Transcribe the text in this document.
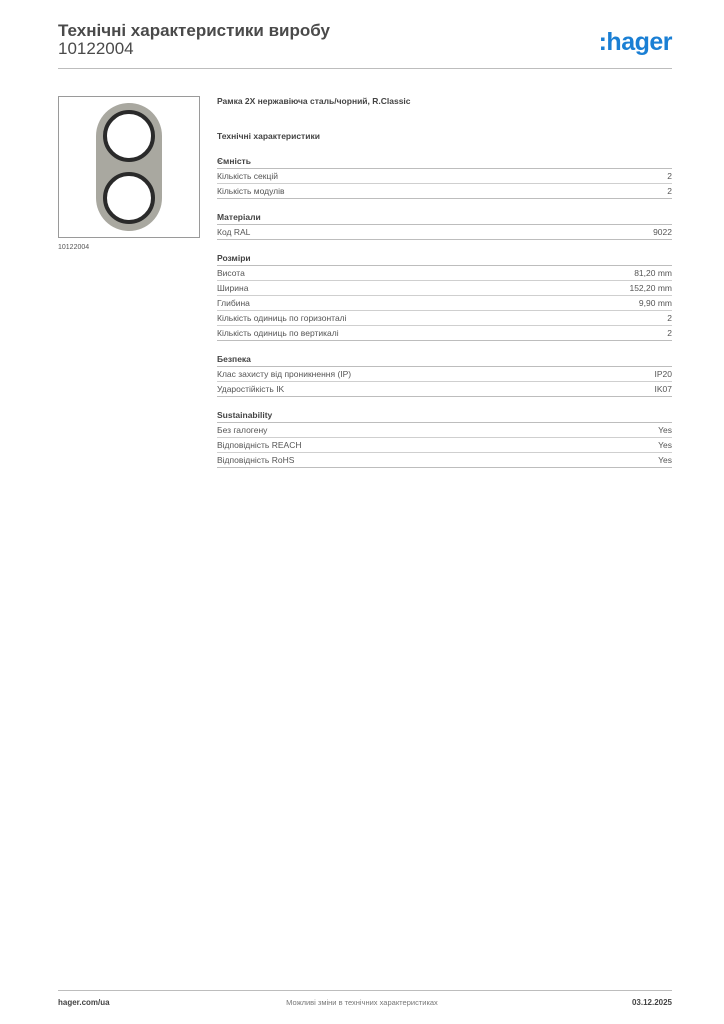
Технічні характеристики виробу
10122004	:hager
10122004
Рамка 2Х нержавіюча сталь/чорний, R.Classic
Технічні характеристики
Ємність
Кількість секцій	2
Кількість модулів	2
Матеріали
Код RAL	9022
Розміри
Висота	81,20 mm
Ширина	152,20 mm
Глибина	9,90 mm
Кількість одиниць по горизонталі	2
Кількість одиниць по вертикалі	2
Безпека
Клас захисту від проникнення (IP)	IP20
Ударостійкість IK	IK07
Sustainability
Без галогену	Yes
Відповідність REACH	Yes
Відповідність RoHS	Yes
hager.com/ua	Можливі зміни в технічних характеристиках	03.12.2025
